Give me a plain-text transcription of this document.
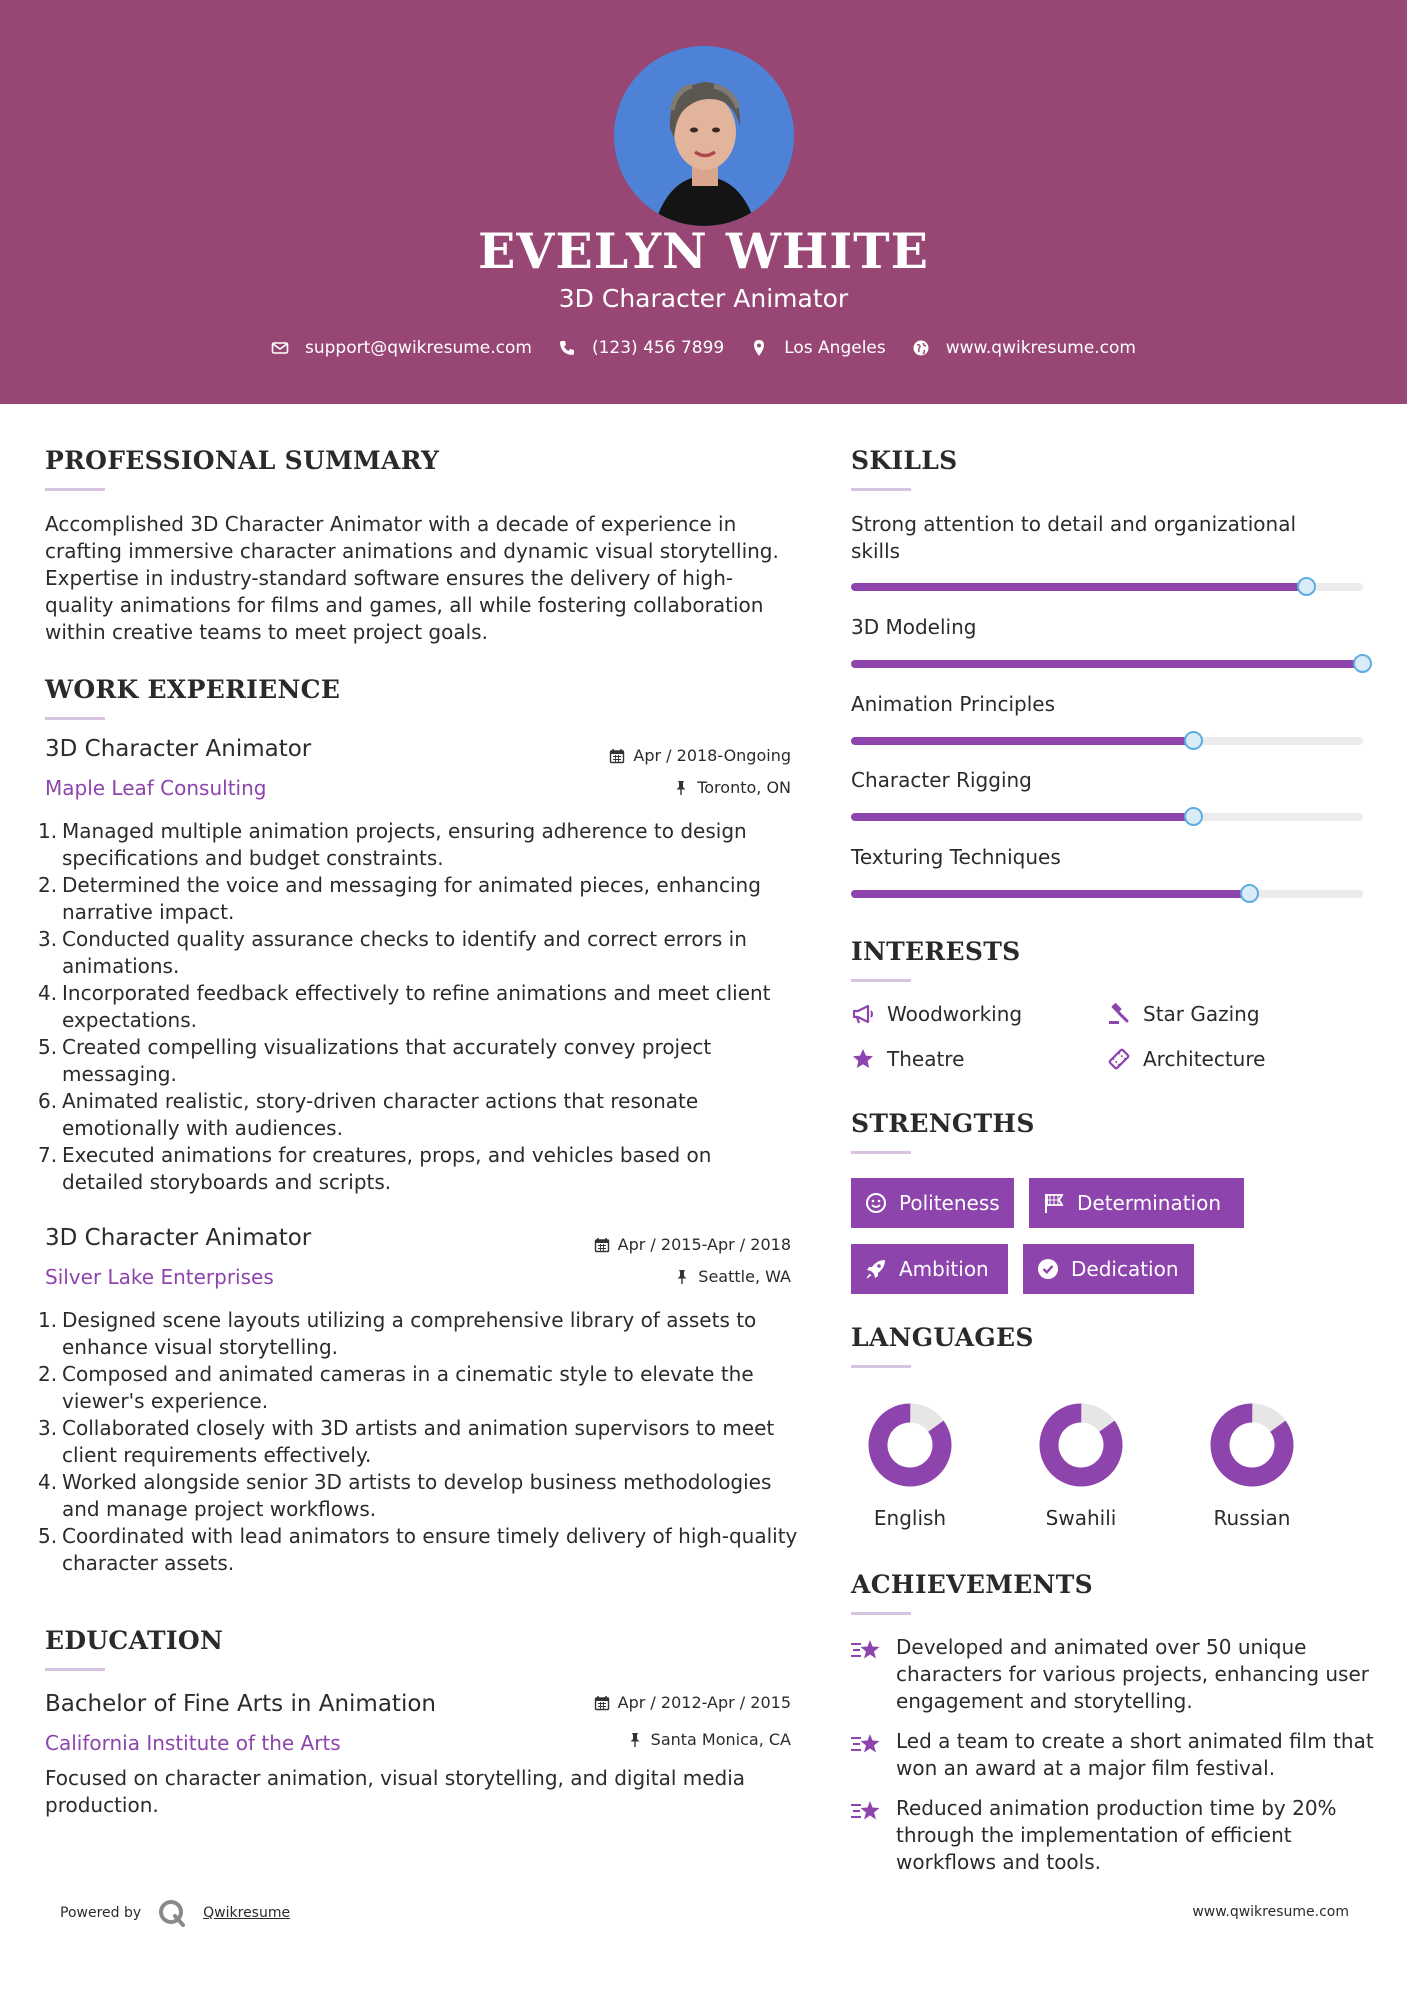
EVELYN WHITE
3D Character Animator
support@qwikresume.com	(123) 456 7899	Los Angeles	www.qwikresume.com
PROFESSIONAL SUMMARY
Accomplished 3D Character Animator with a decade of experience in crafting immersive character animations and dynamic visual storytelling. Expertise in industry-standard software ensures the delivery of high-quality animations for films and games, all while fostering collaboration within creative teams to meet project goals.
WORK EXPERIENCE
3D Character Animator	Apr / 2018-Ongoing
Maple Leaf Consulting	Toronto, ON
1. Managed multiple animation projects, ensuring adherence to design specifications and budget constraints.
2. Determined the voice and messaging for animated pieces, enhancing narrative impact.
3. Conducted quality assurance checks to identify and correct errors in animations.
4. Incorporated feedback effectively to refine animations and meet client expectations.
5. Created compelling visualizations that accurately convey project messaging.
6. Animated realistic, story-driven character actions that resonate emotionally with audiences.
7. Executed animations for creatures, props, and vehicles based on detailed storyboards and scripts.
3D Character Animator	Apr / 2015-Apr / 2018
Silver Lake Enterprises	Seattle, WA
1. Designed scene layouts utilizing a comprehensive library of assets to enhance visual storytelling.
2. Composed and animated cameras in a cinematic style to elevate the viewer's experience.
3. Collaborated closely with 3D artists and animation supervisors to meet client requirements effectively.
4. Worked alongside senior 3D artists to develop business methodologies and manage project workflows.
5. Coordinated with lead animators to ensure timely delivery of high-quality character assets.
EDUCATION
Bachelor of Fine Arts in Animation	Apr / 2012-Apr / 2015
California Institute of the Arts	Santa Monica, CA
Focused on character animation, visual storytelling, and digital media production.
SKILLS
Strong attention to detail and organizational skills
3D Modeling
Animation Principles
Character Rigging
Texturing Techniques
INTERESTS
Woodworking	Star Gazing
Theatre	Architecture
STRENGTHS
Politeness	Determination
Ambition	Dedication
LANGUAGES
English	Swahili	Russian
ACHIEVEMENTS
Developed and animated over 50 unique characters for various projects, enhancing user engagement and storytelling.
Led a team to create a short animated film that won an award at a major film festival.
Reduced animation production time by 20% through the implementation of efficient workflows and tools.
Powered by	Qwikresume	www.qwikresume.com
